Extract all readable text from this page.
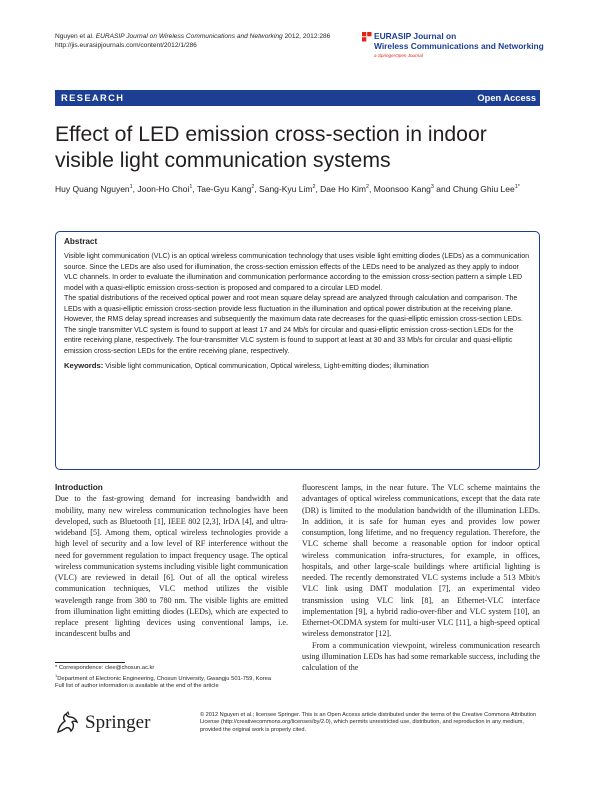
Nguyen et al. EURASIP Journal on Wireless Communications and Networking 2012, 2012:286
http://jis.eurasipjournals.com/content/2012/1/286
EURASIP Journal on
Wireless Communications and Networking
a SpringerOpen Journal
RESEARCH	Open Access
Effect of LED emission cross-section in indoor visible light communication systems
Huy Quang Nguyen$^1$, Joon-Ho Choi$^1$, Tae-Gyu Kang$^2$, Sang-Kyu Lim$^2$, Dae Ho Kim$^2$, Moonsoo Kang$^3$ and Chung Ghiu Lee$^{1*}$
Abstract

Visible light communication (VLC) is an optical wireless communication technology that uses visible light emitting diodes (LEDs) as a communication source. Since the LEDs are also used for illumination, the cross-section emission effects of the LEDs need to be analyzed as they apply to indoor VLC channels. In order to evaluate the illumination and communication performance according to the emission cross-section pattern a simple LED model with a quasi-elliptic emission cross-section is proposed and compared to a circular LED model.

The spatial distributions of the received optical power and root mean square delay spread are analyzed through calculation and comparison. The LEDs with a quasi-elliptic emission cross-section provide less fluctuation in the illumination and optical power distribution at the receiving plane. However, the RMS delay spread increases and subsequently the maximum data rate decreases for the quasi-elliptic emission cross-section LEDs. The single transmitter VLC system is found to support at least 17 and 24 Mb/s for circular and quasi-elliptic emission cross-section LEDs for the entire receiving plane, respectively. The four-transmitter VLC system is found to support at least at 30 and 33 Mb/s for circular and quasi-elliptic emission cross-section LEDs for the entire receiving plane, respectively.

Keywords: Visible light communication, Optical communication, Optical wireless, Light-emitting diodes; illumination

Introduction

Due to the fast-growing demand for increasing bandwidth and mobility, many new wireless communication technologies have been developed, such as Bluetooth [1], IEEE 802 [2,3], IrDA [4], and ultra-wideband [5]. Among them, optical wireless technologies provide a high level of security and a low level of RF interference without the need for government regulation to impact frequency usage. The optical wireless communication systems including visible light communication (VLC) are reviewed in detail [6]. Out of all the optical wireless communication techniques, VLC method utilizes the visible wavelength range from 380 to 780 nm. The visible lights are emitted from illumination light emitting diodes (LEDs), which are expected to replace present lighting devices using conventional lamps, i.e. incandescent bulbs and

fluorescent lamps, in the near future. The VLC scheme maintains the advantages of optical wireless communications, except that the data rate (DR) is limited to the modulation bandwidth of the illumination LEDs. In addition, it is safe for human eyes and provides low power consumption, long lifetime, and no frequency regulation. Therefore, the VLC scheme shall become a reasonable option for indoor optical wireless communication infra-structures, for example, in offices, hospitals, and other large-scale buildings where artificial lighting is needed. The recently demonstrated VLC systems include a 513 Mbit/s VLC link using DMT modulation [7], an experimental video transmission using VLC link [8], an Ethernet-VLC interface implementation [9], a hybrid radio-over-fiber and VLC system [10], an Ethernet-OCDMA system for multi-user VLC [11], a high-speed optical wireless demonstrator [12].

From a communication viewpoint, wireless communication research using illumination LEDs has had some remarkable success, including the calculation of the

* Correspondence: clee@chosun.ac.kr

$^1$Department of Electronic Engineering, Chosun University, Gwangju 501-759, Korea

Full list of author information is available at the end of the article

Springer	© 2012 Nguyen et al.; licensee Springer. This is an Open Access article distributed under the terms of the Creative Commons Attribution License (http://creativecommons.org/licenses/by/2.0), which permits unrestricted use, distribution, and reproduction in any medium, provided the original work is properly cited.
